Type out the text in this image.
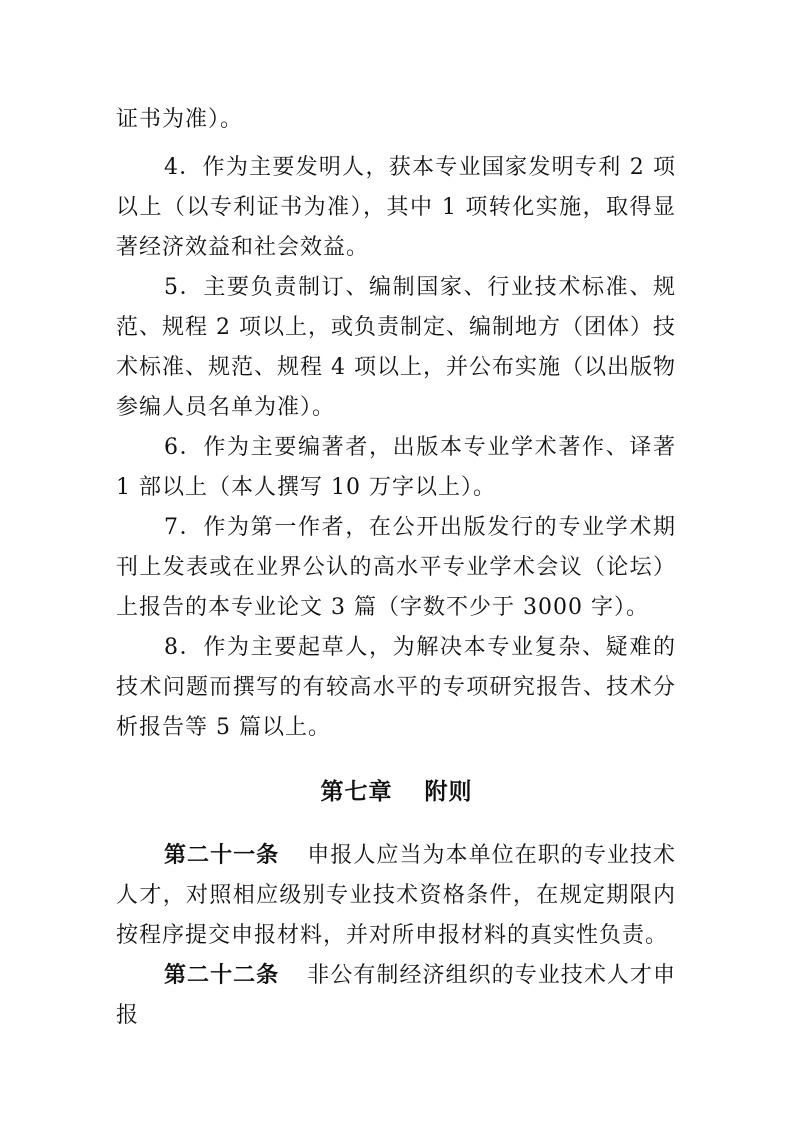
证书为准）。

4．作为主要发明人，获本专业国家发明专利 2 项以上（以专利证书为准），其中 1 项转化实施，取得显著经济效益和社会效益。

5．主要负责制订、编制国家、行业技术标准、规范、规程 2 项以上，或负责制定、编制地方（团体）技术标准、规范、规程 4 项以上，并公布实施（以出版物参编人员名单为准）。

6．作为主要编著者，出版本专业学术著作、译著 1 部以上（本人撰写 10 万字以上）。

7．作为第一作者，在公开出版发行的专业学术期刊上发表或在业界公认的高水平专业学术会议（论坛）上报告的本专业论文 3 篇（字数不少于 3000 字）。

8．作为主要起草人，为解决本专业复杂、疑难的技术问题而撰写的有较高水平的专项研究报告、技术分析报告等 5 篇以上。

第七章 附则

第二十一条 申报人应当为本单位在职的专业技术人才，对照相应级别专业技术资格条件，在规定期限内按程序提交申报材料，并对所申报材料的真实性负责。

第二十二条 非公有制经济组织的专业技术人才申报
